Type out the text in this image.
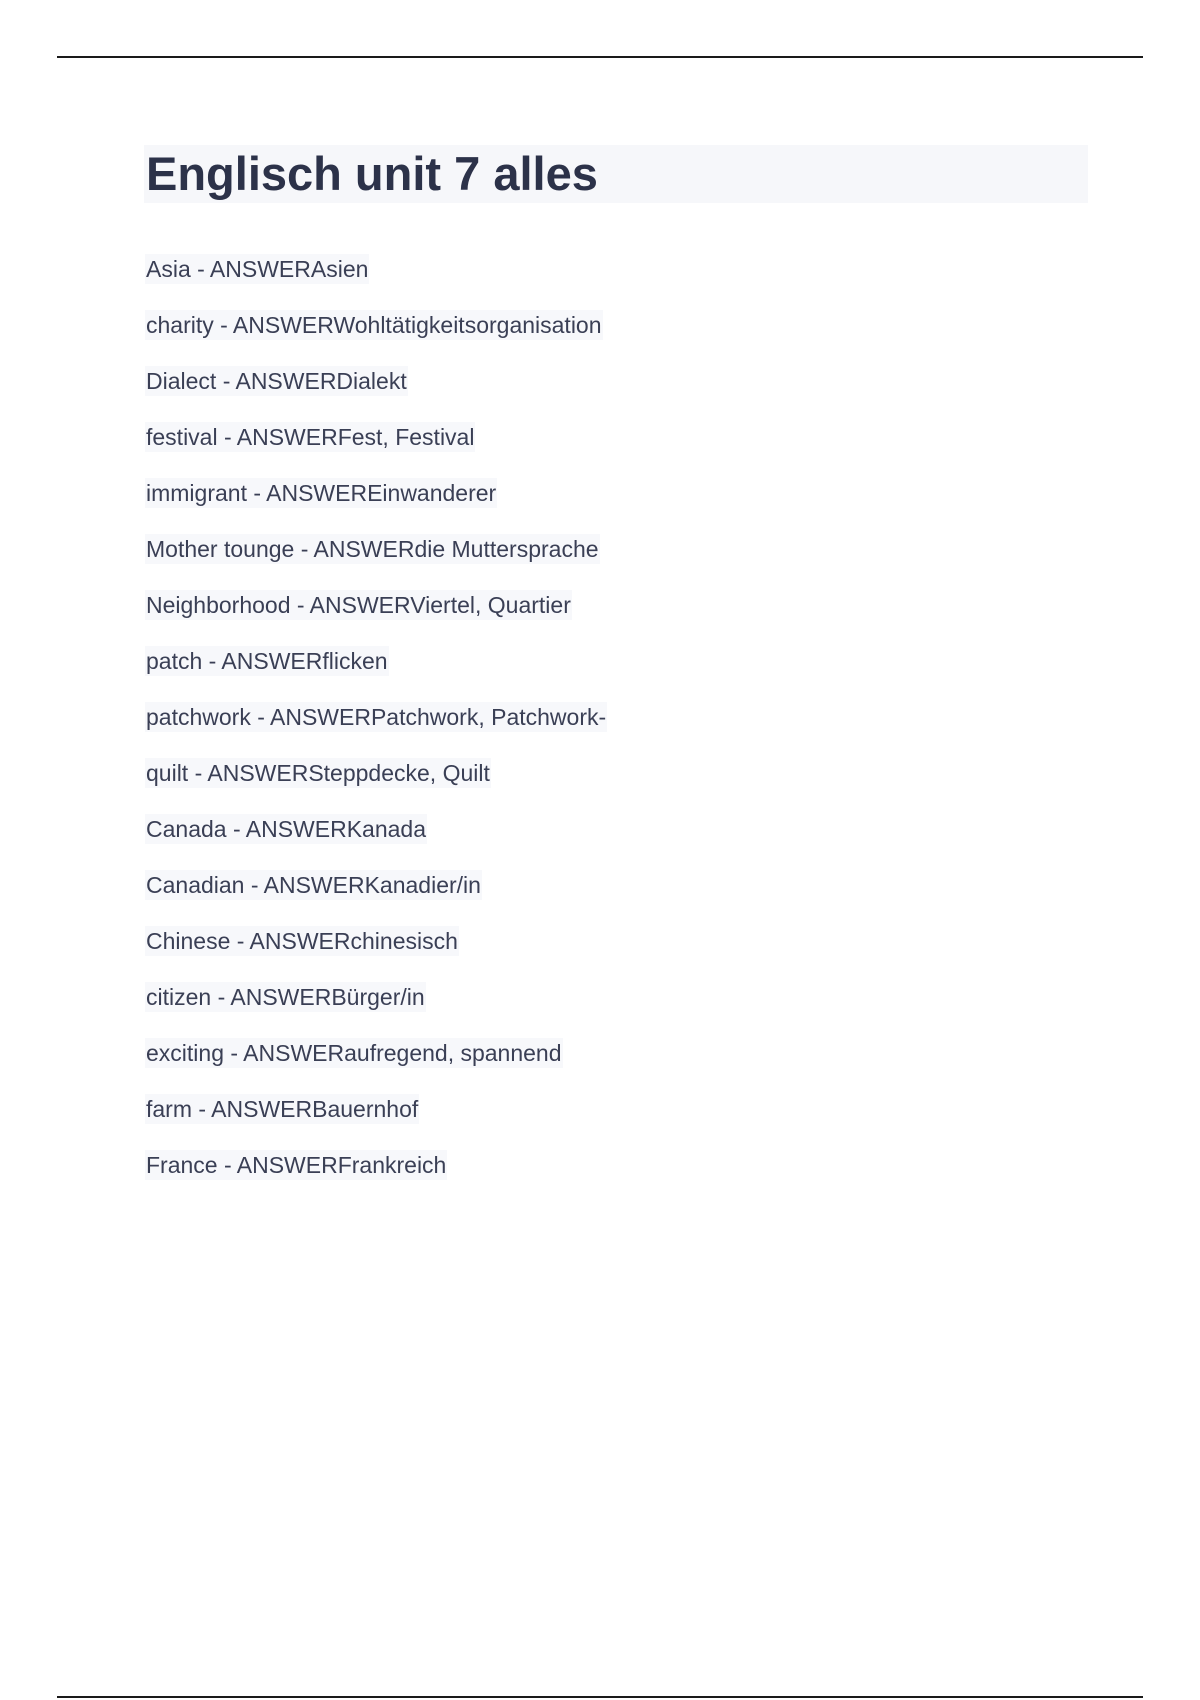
Englisch unit 7 alles
Asia - ANSWERAsien
charity - ANSWERWohltätigkeitsorganisation
Dialect - ANSWERDialekt
festival - ANSWERFest, Festival
immigrant - ANSWEREinwanderer
Mother tounge - ANSWERdie Muttersprache
Neighborhood - ANSWERViertel, Quartier
patch - ANSWERflicken
patchwork - ANSWERPatchwork, Patchwork-
quilt - ANSWERSteppdecke, Quilt
Canada - ANSWERKanada
Canadian - ANSWERKanadier/in
Chinese - ANSWERchinesisch
citizen - ANSWERBürger/in
exciting - ANSWERaufregend, spannend
farm - ANSWERBauernhof
France - ANSWERFrankreich
